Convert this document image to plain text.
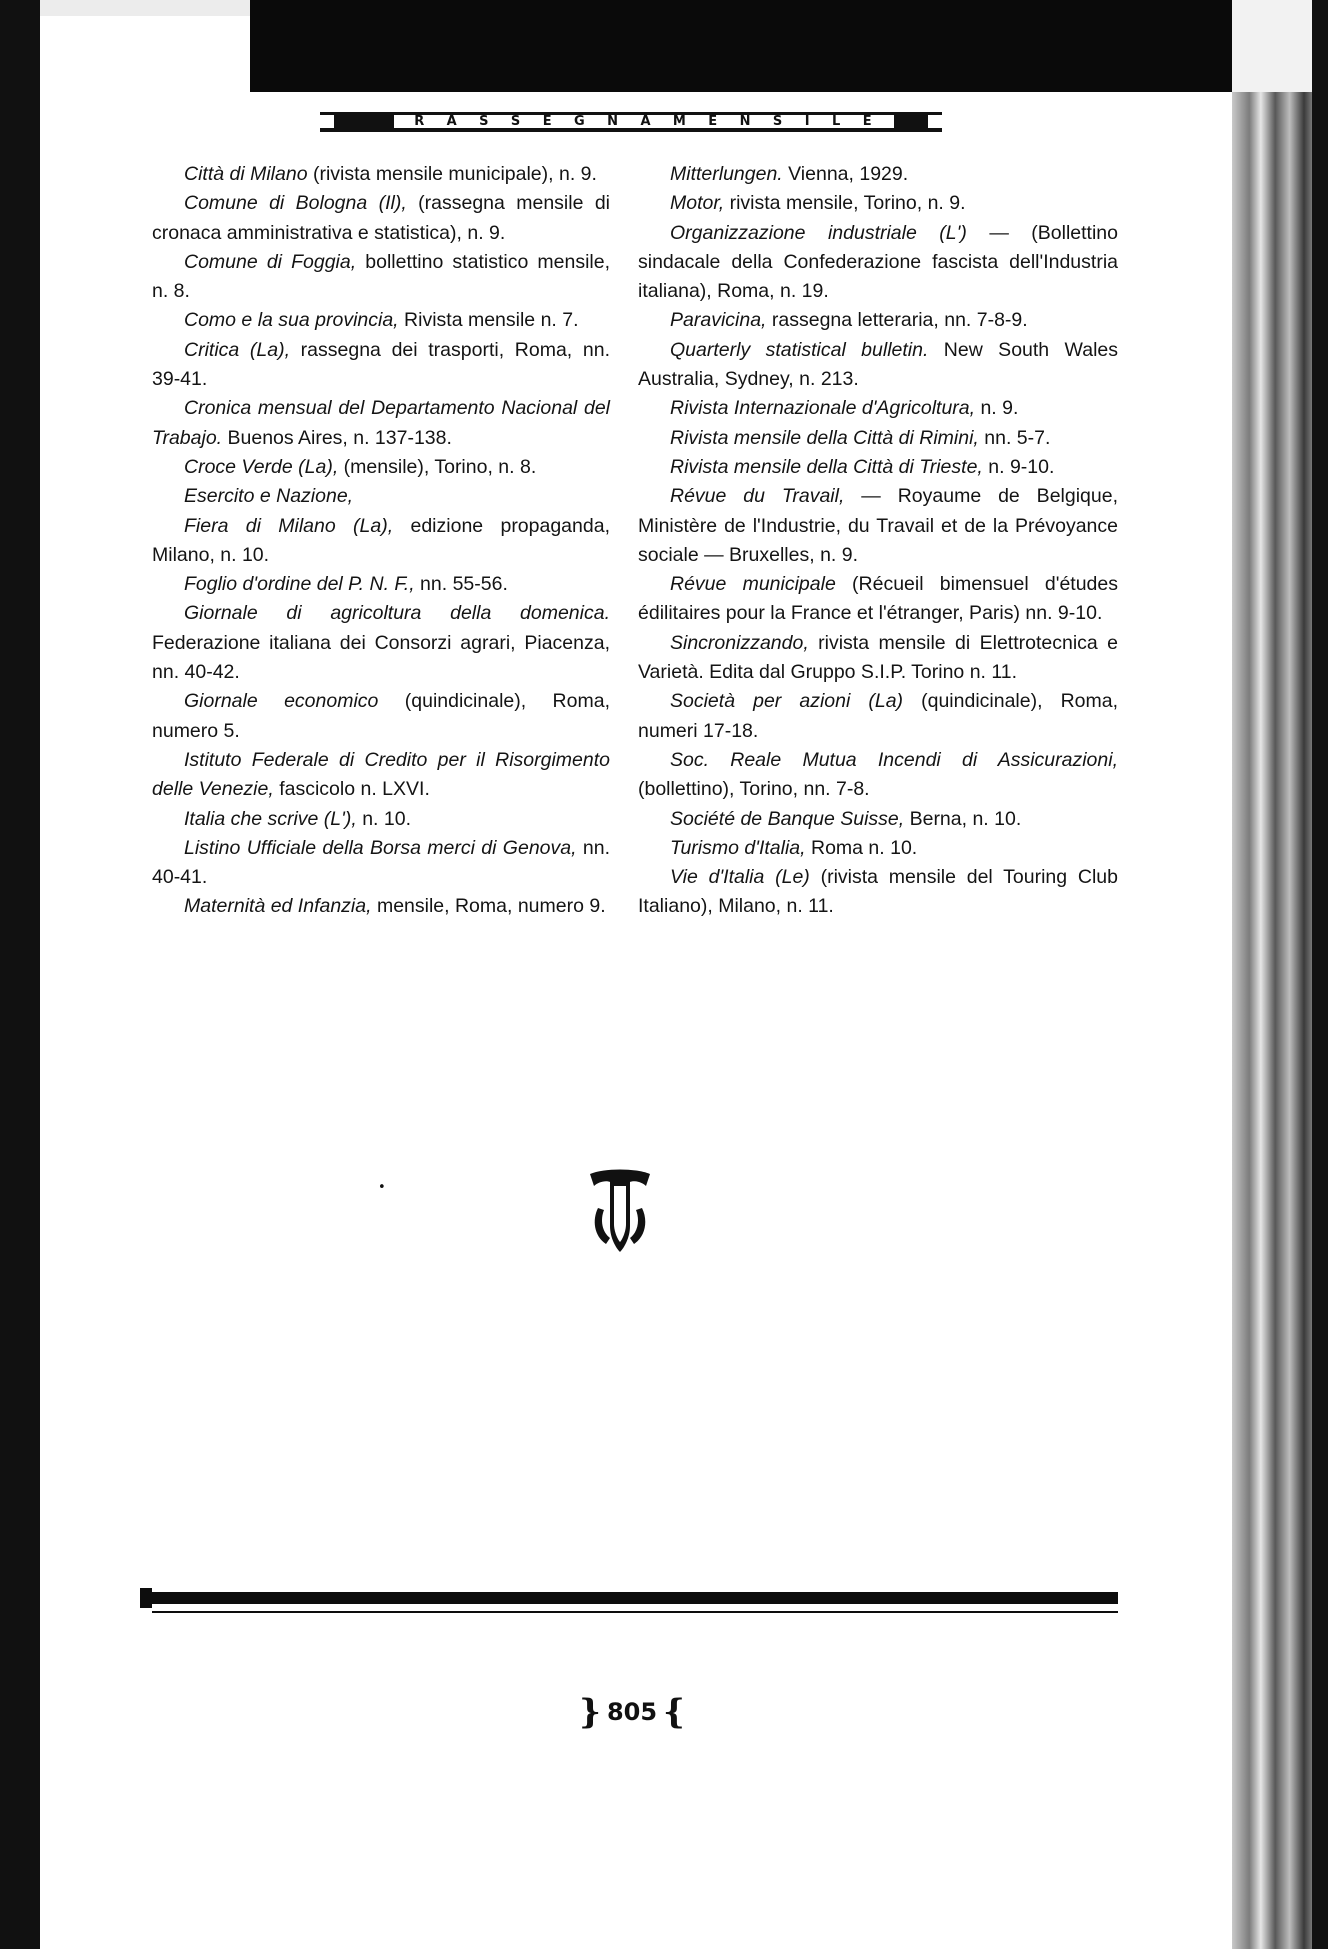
R A S S E G N A M E N S I L E

Città di Milano (rivista mensile municipale), n. 9.

Comune di Bologna (Il), (rassegna mensile di cronaca amministrativa e statistica), n. 9.

Comune di Foggia, bollettino statistico mensile, n. 8.

Como e la sua provincia, Rivista mensile n. 7.

Critica (La), rassegna dei trasporti, Roma, nn. 39-41.

Cronica mensual del Departamento Nacional del Trabajo. Buenos Aires, n. 137-138.

Croce Verde (La), (mensile), Torino, n. 8.

Esercito e Nazione,

Fiera di Milano (La), edizione propaganda, Milano, n. 10.

Foglio d'ordine del P. N. F., nn. 55-56.

Giornale di agricoltura della domenica. Federazione italiana dei Consorzi agrari, Piacenza, nn. 40-42.

Giornale economico (quindicinale), Roma, numero 5.

Istituto Federale di Credito per il Risorgimento delle Venezie, fascicolo n. LXVI.

Italia che scrive (L'), n. 10.

Listino Ufficiale della Borsa merci di Genova, nn. 40-41.

Maternità ed Infanzia, mensile, Roma, numero 9.

Mitterlungen. Vienna, 1929.

Motor, rivista mensile, Torino, n. 9.

Organizzazione industriale (L') — (Bollettino sindacale della Confederazione fascista dell'Industria italiana), Roma, n. 19.

Paravicina, rassegna letteraria, nn. 7-8-9.

Quarterly statistical bulletin. New South Wales Australia, Sydney, n. 213.

Rivista Internazionale d'Agricoltura, n. 9.

Rivista mensile della Città di Rimini, nn. 5-7.

Rivista mensile della Città di Trieste, n. 9-10.

Révue du Travail, — Royaume de Belgique, Ministère de l'Industrie, du Travail et de la Prévoyance sociale — Bruxelles, n. 9.

Révue municipale (Récueil bimensuel d'études édilitaires pour la France et l'étranger, Paris) nn. 9-10.

Sincronizzando, rivista mensile di Elettrotecnica e Varietà. Edita dal Gruppo S.I.P. Torino n. 11.

Società per azioni (La) (quindicinale), Roma, numeri 17-18.

Soc. Reale Mutua Incendi di Assicurazioni, (bollettino), Torino, nn. 7-8.

Société de Banque Suisse, Berna, n. 10.

Turismo d'Italia, Roma n. 10.

Vie d'Italia (Le) (rivista mensile del Touring Club Italiano), Milano, n. 11.

•
} 805 {
